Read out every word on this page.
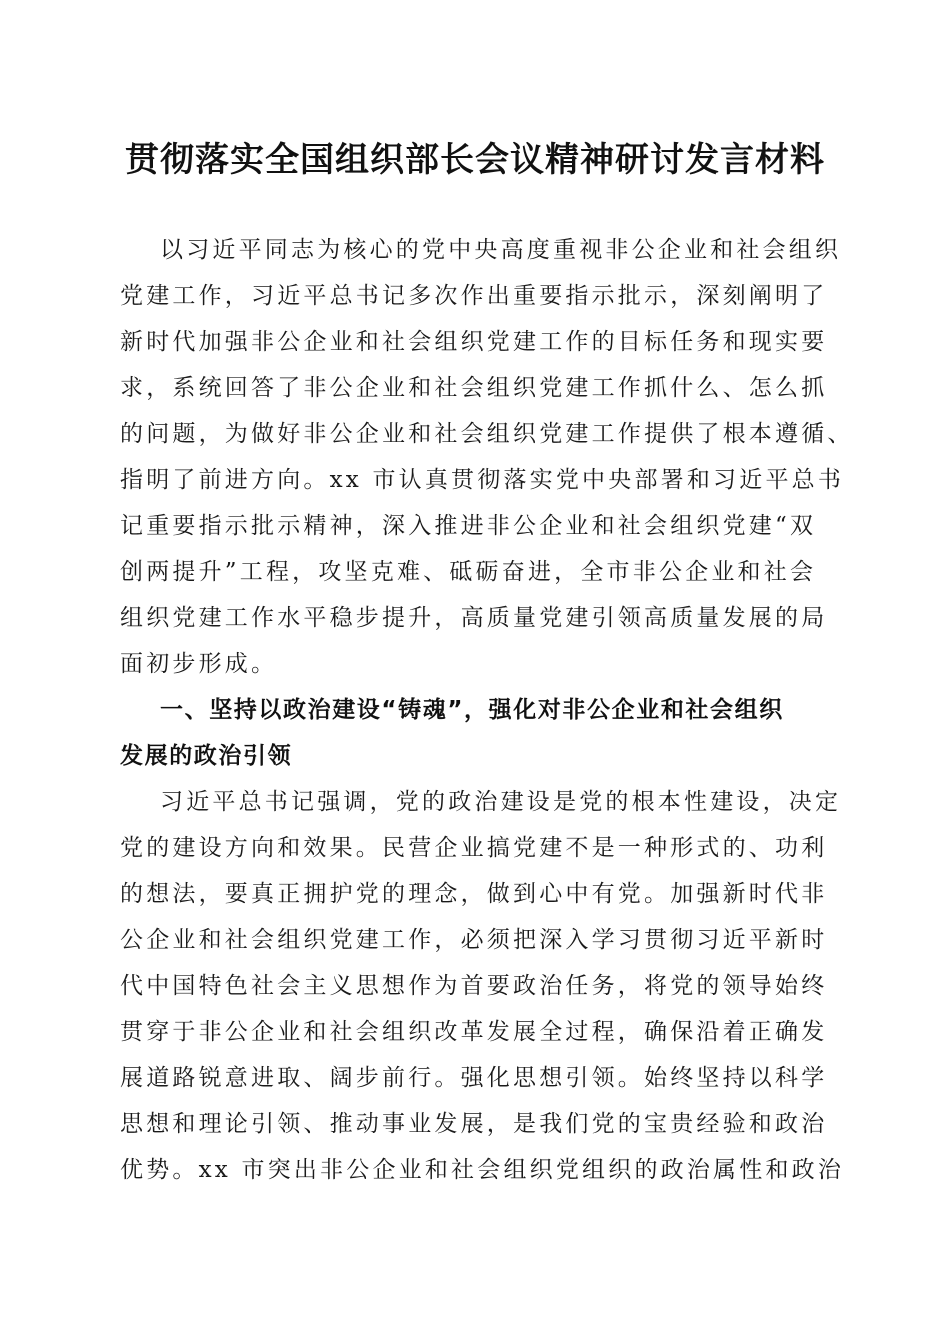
贯彻落实全国组织部长会议精神研讨发言材料
以习近平同志为核心的党中央高度重视非公企业和社会组织
党建工作，习近平总书记多次作出重要指示批示，深刻阐明了
新时代加强非公企业和社会组织党建工作的目标任务和现实要
求，系统回答了非公企业和社会组织党建工作抓什么、怎么抓
的问题，为做好非公企业和社会组织党建工作提供了根本遵循、
指明了前进方向。xx 市认真贯彻落实党中央部署和习近平总书
记重要指示批示精神，深入推进非公企业和社会组织党建“双
创两提升”工程，攻坚克难、砥砺奋进，全市非公企业和社会
组织党建工作水平稳步提升，高质量党建引领高质量发展的局
面初步形成。
一、坚持以政治建设“铸魂”，强化对非公企业和社会组织
发展的政治引领
习近平总书记强调，党的政治建设是党的根本性建设，决定
党的建设方向和效果。民营企业搞党建不是一种形式的、功利
的想法，要真正拥护党的理念，做到心中有党。加强新时代非
公企业和社会组织党建工作，必须把深入学习贯彻习近平新时
代中国特色社会主义思想作为首要政治任务，将党的领导始终
贯穿于非公企业和社会组织改革发展全过程，确保沿着正确发
展道路锐意进取、阔步前行。强化思想引领。始终坚持以科学
思想和理论引领、推动事业发展，是我们党的宝贵经验和政治
优势。xx 市突出非公企业和社会组织党组织的政治属性和政治
